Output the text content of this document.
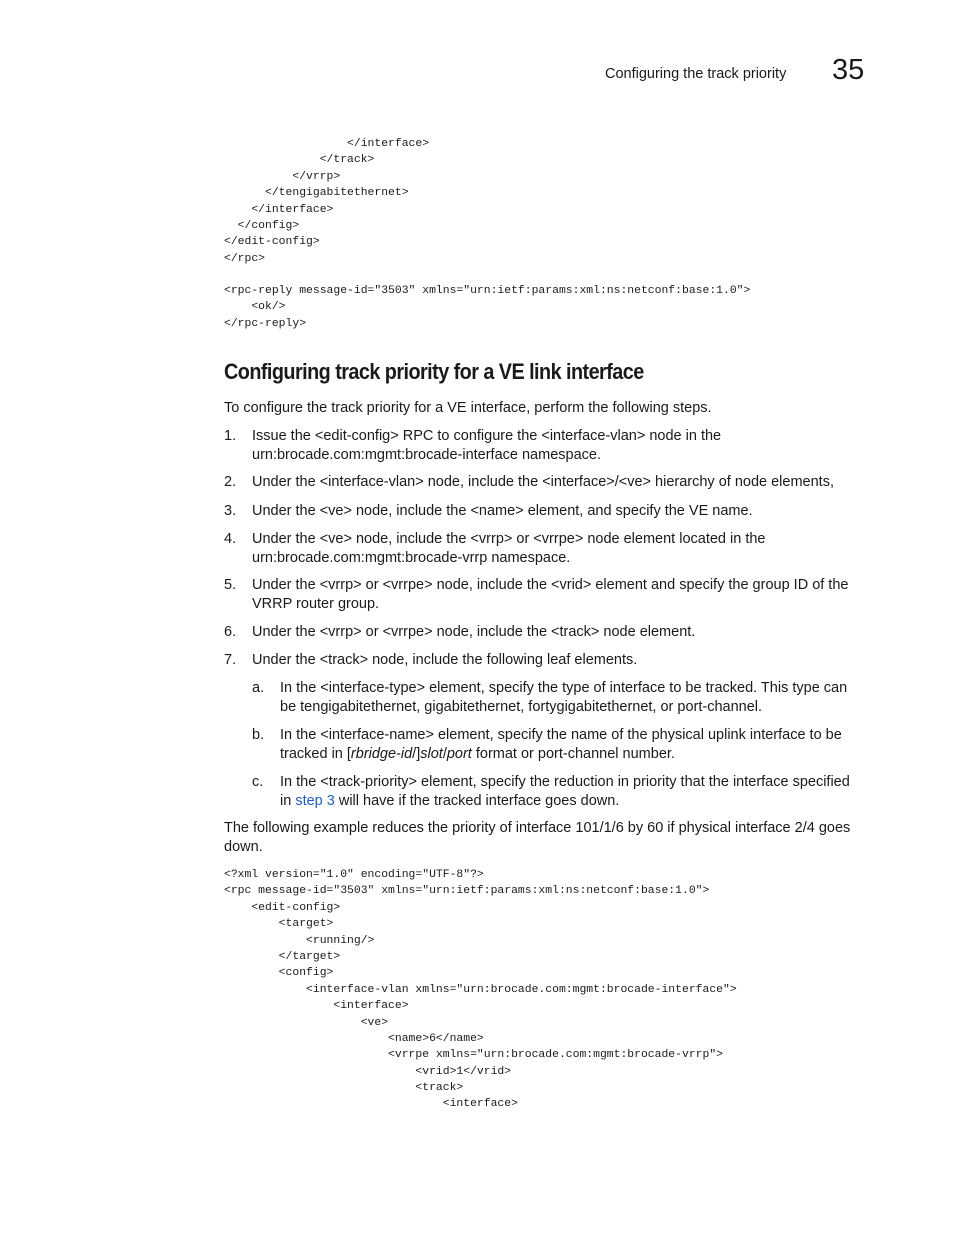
Configuring the track priority 35
</interface>
</track>
</vrrp>
</tengigabitethernet>
</interface>
</config>
</edit-config>
</rpc>
<rpc-reply message-id="3503" xmlns="urn:ietf:params:xml:ns:netconf:base:1.0">
<ok/>
</rpc-reply>
Configuring track priority for a VE link interface

To configure the track priority for a VE interface, perform the following steps.

1. Issue the <edit-config> RPC to configure the <interface-vlan> node in the
urn:brocade.com:mgmt:brocade-interface namespace.
2. Under the <interface-vlan> node, include the <interface>/<ve> hierarchy of node elements,
3. Under the <ve> node, include the <name> element, and specify the VE name.
4. Under the <ve> node, include the <vrrp> or <vrrpe> node element located in the
urn:brocade.com:mgmt:brocade-vrrp namespace.
5. Under the <vrrp> or <vrrpe> node, include the <vrid> element and specify the group ID of the
VRRP router group.
6. Under the <vrrp> or <vrrpe> node, include the <track> node element.
7. Under the <track> node, include the following leaf elements.
a. In the <interface-type> element, specify the type of interface to be tracked. This type can
be tengigabitethernet, gigabitethernet, fortygigabitethernet, or port-channel.
b. In the <interface-name> element, specify the name of the physical uplink interface to be
tracked in [rbridge-id/]slot/port format or port-channel number.
c. In the <track-priority> element, specify the reduction in priority that the interface specified
in step 3 will have if the tracked interface goes down.

The following example reduces the priority of interface 101/1/6 by 60 if physical interface 2/4 goes down.

<?xml version="1.0" encoding="UTF-8"?>
<rpc message-id="3503" xmlns="urn:ietf:params:xml:ns:netconf:base:1.0">
<edit-config>
<target>
<running/>
</target>
<config>
<interface-vlan xmlns="urn:brocade.com:mgmt:brocade-interface">
<interface>
<ve>
<name>6</name>
<vrrpe xmlns="urn:brocade.com:mgmt:brocade-vrrp">
<vrid>1</vrid>
<track>
<interface>
